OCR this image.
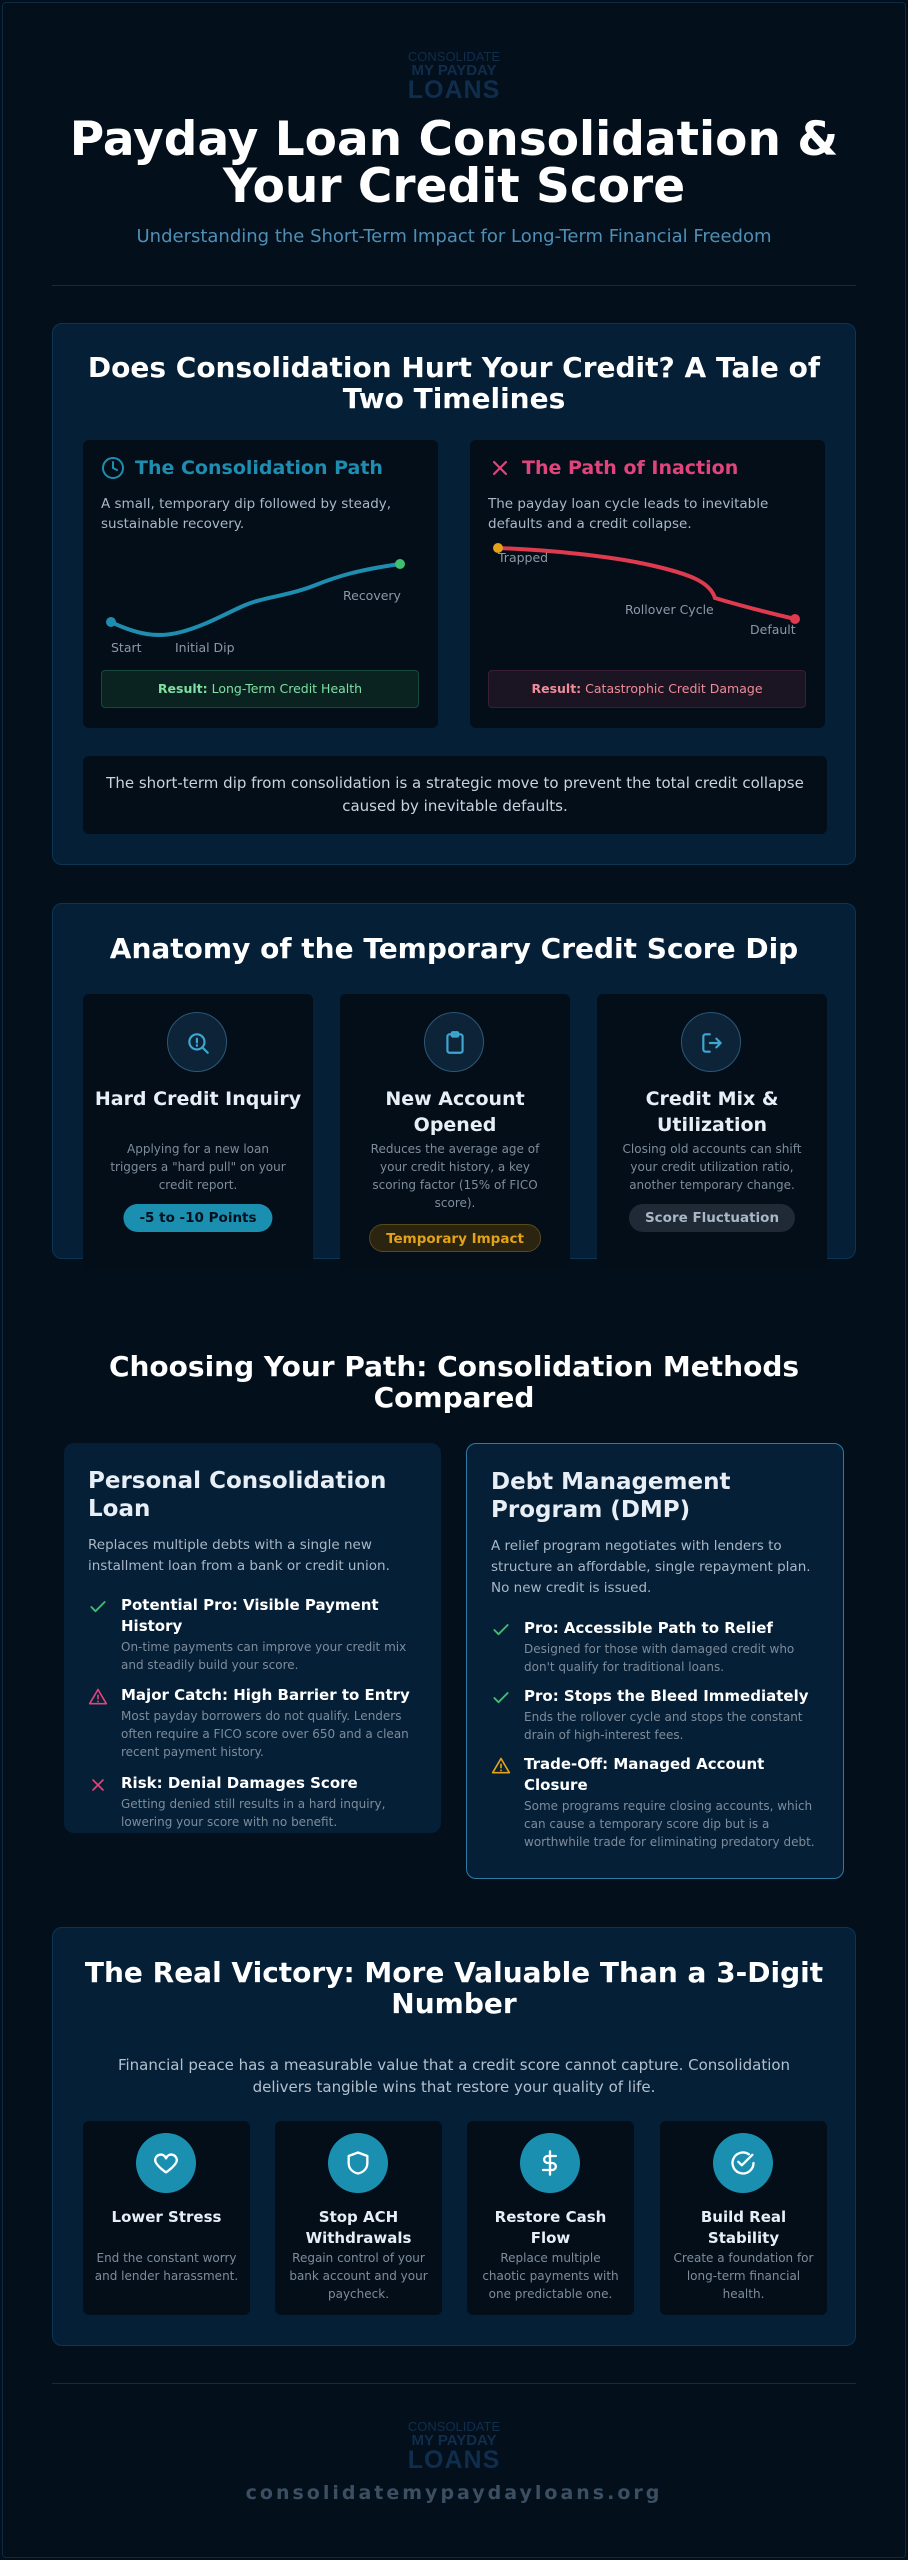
CONSOLIDATE
MY PAYDAY
LOANS
Payday Loan Consolidation & Your Credit Score
Understanding the Short-Term Impact for Long-Term Financial Freedom
Does Consolidation Hurt Your Credit? A Tale of Two Timelines
The Consolidation Path
A small, temporary dip followed by steady, sustainable recovery.
Start	Initial Dip
Recovery
Result: Long-Term Credit Health
The Path of Inaction
The payday loan cycle leads to inevitable defaults and a credit collapse.
Trapped
Rollover Cycle
Default
Result: Catastrophic Credit Damage
The short-term dip from consolidation is a strategic move to prevent the total credit collapse caused by inevitable defaults.
Anatomy of the Temporary Credit Score Dip
Hard Credit Inquiry
Applying for a new loan triggers a "hard pull" on your credit report.
-5 to -10 Points
New Account Opened
Reduces the average age of your credit history, a key scoring factor (15% of FICO score).
Temporary Impact
Credit Mix & Utilization
Closing old accounts can shift your credit utilization ratio, another temporary change.
Score Fluctuation
Choosing Your Path: Consolidation Methods Compared
Personal Consolidation Loan
Replaces multiple debts with a single new installment loan from a bank or credit union.
Potential Pro: Visible Payment History
On-time payments can improve your credit mix and steadily build your score.
Major Catch: High Barrier to Entry
Most payday borrowers do not qualify. Lenders often require a FICO score over 650 and a clean recent payment history.
Risk: Denial Damages Score
Getting denied still results in a hard inquiry, lowering your score with no benefit.
Debt Management Program (DMP)
A relief program negotiates with lenders to structure an affordable, single repayment plan. No new credit is issued.
Pro: Accessible Path to Relief
Designed for those with damaged credit who don't qualify for traditional loans.
Pro: Stops the Bleed Immediately
Ends the rollover cycle and stops the constant drain of high-interest fees.
Trade-Off: Managed Account Closure
Some programs require closing accounts, which can cause a temporary score dip but is a worthwhile trade for eliminating predatory debt.
The Real Victory: More Valuable Than a 3-Digit Number
Financial peace has a measurable value that a credit score cannot capture. Consolidation delivers tangible wins that restore your quality of life.
Lower Stress
End the constant worry and lender harassment.
Stop ACH Withdrawals
Regain control of your bank account and your paycheck.
Restore Cash Flow
Replace multiple chaotic payments with one predictable one.
Build Real Stability
Create a foundation for long-term financial health.
CONSOLIDATE
MY PAYDAY
LOANS
consolidatemypaydayloans.org
